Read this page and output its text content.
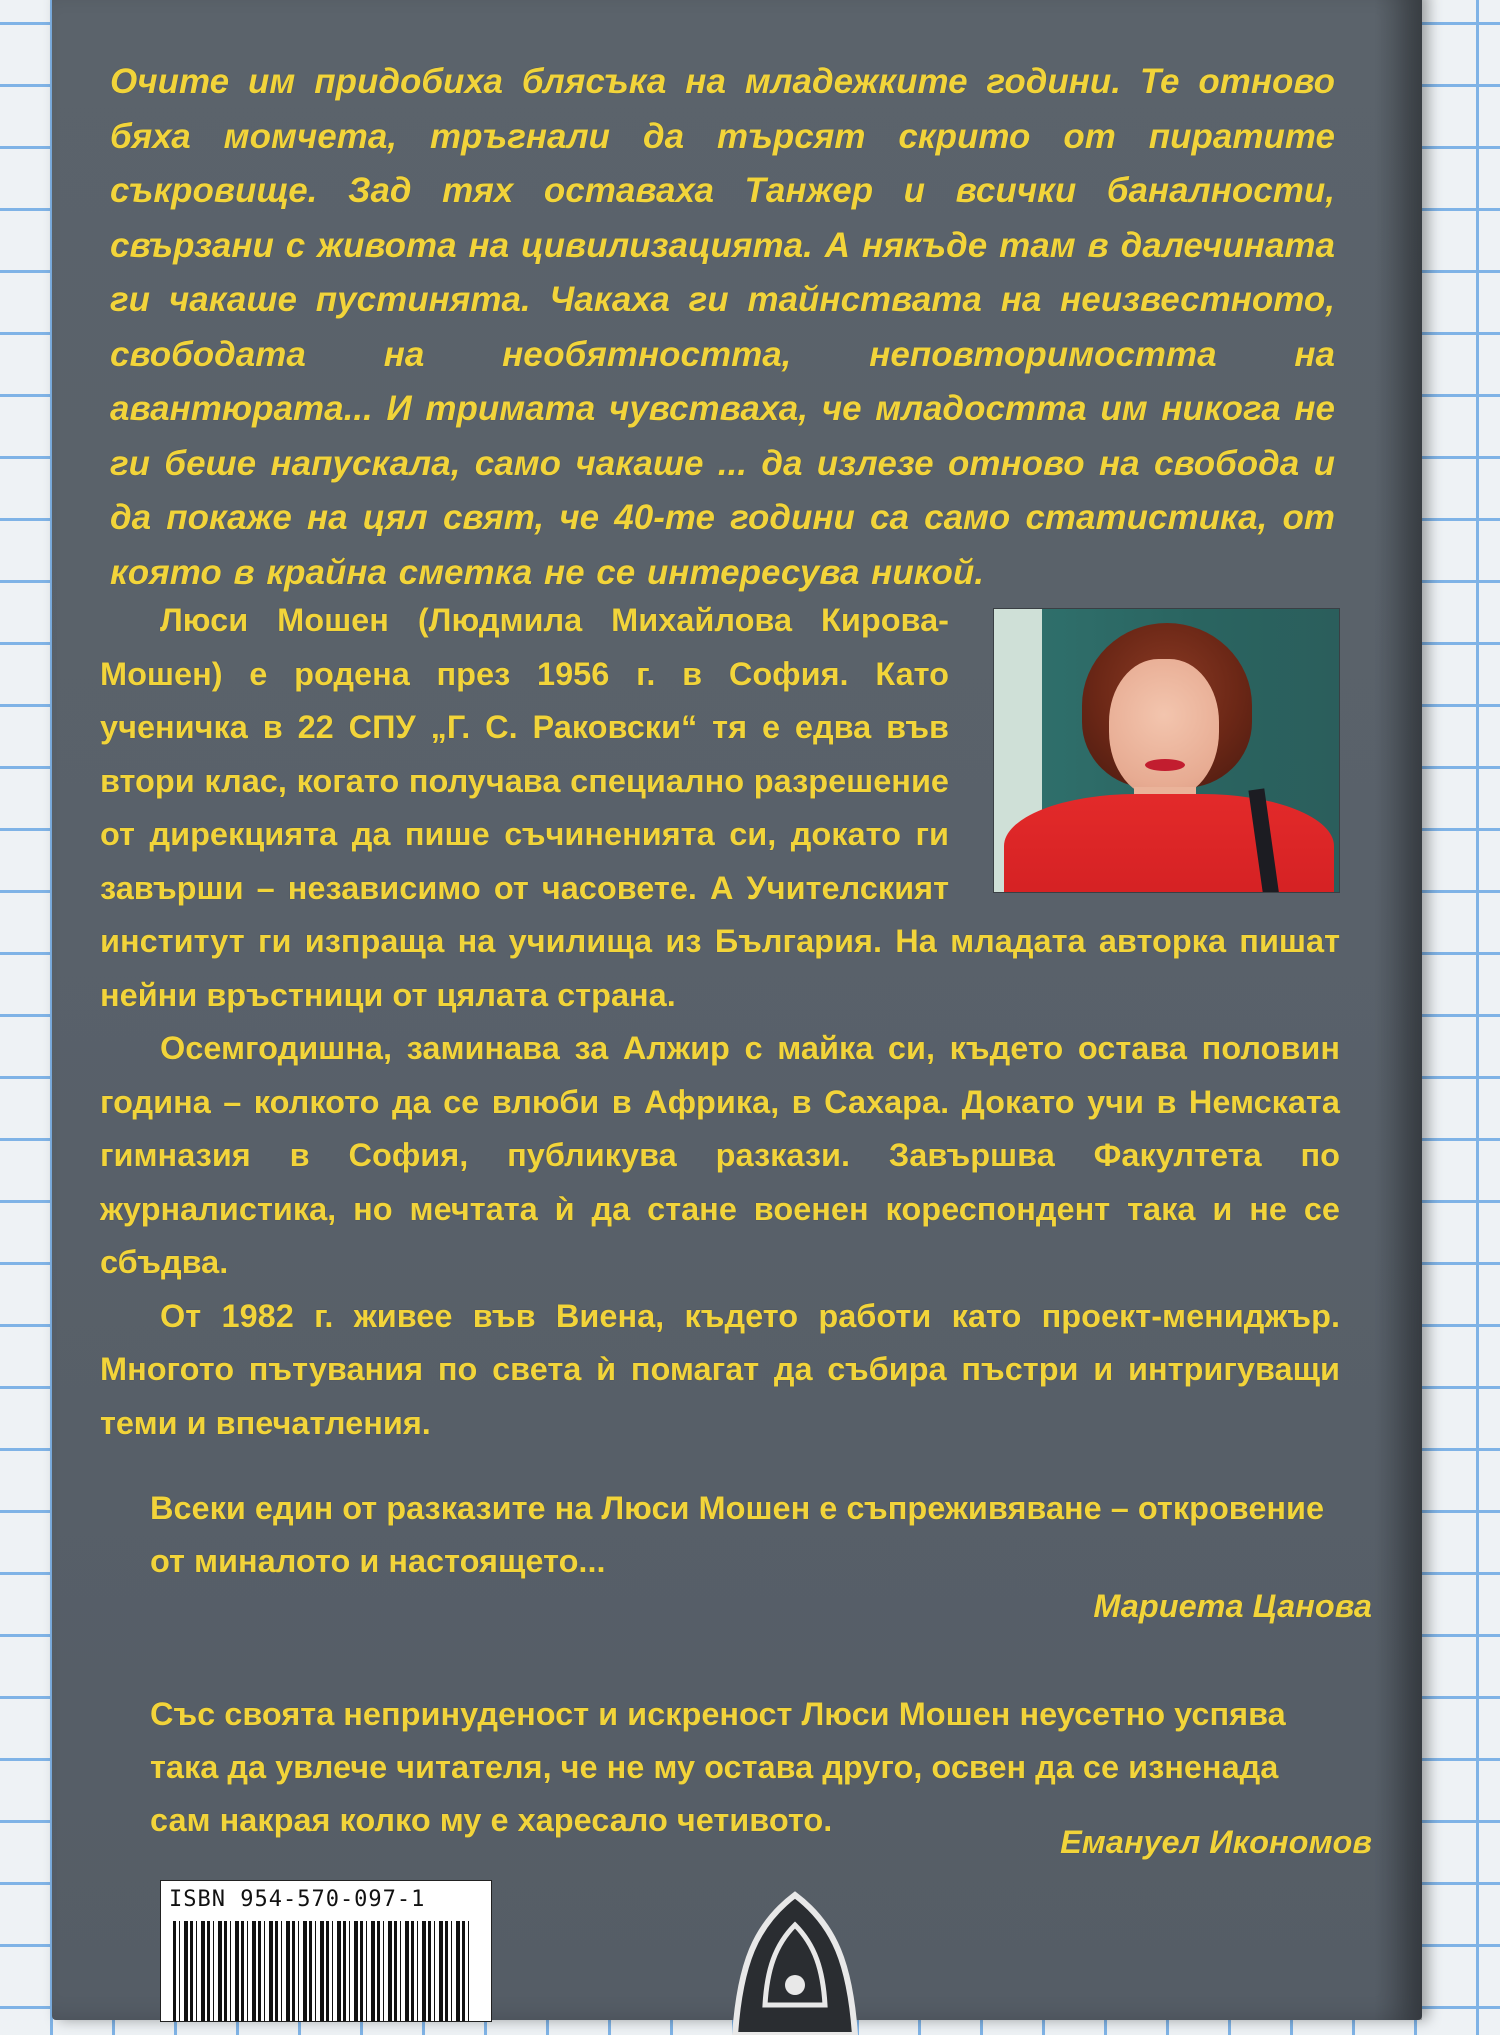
Очите им придобиха блясъка на младежките години. Те отново бяха момчета, тръгнали да търсят скрито от пиратите съкровище. Зад тях оставаха Танжер и всички баналности, свързани с живота на цивилизацията. А някъде там в далечината ги чакаше пустинята. Чакаха ги тайнствата на неизвестното, свободата на необятността, неповторимостта на авантюрата... И тримата чувстваха, че младостта им никога не ги беше напускала, само чакаше ... да излезе отново на свобода и да покаже на цял свят, че 40-те години са само статистика, от която в крайна сметка не се интересува никой.

Люси Мошен (Людмила Михайлова Кирова-Мошен) е родена през 1956 г. в София. Като ученичка в 22 СПУ „Г. С. Раковски“ тя е едва във втори клас, когато получава специално разрешение от дирекцията да пише съчиненията си, докато ги завърши – независимо от часовете. А Учителският институт ги изпраща на училища из България. На младата авторка пишат нейни връстници от цялата страна.

Осемгодишна, заминава за Алжир с майка си, където остава половин година – колкото да се влюби в Африка, в Сахара. Докато учи в Немската гимназия в София, публикува разкази. Завършва Факултета по журналистика, но мечтата ѝ да стане военен кореспондент така и не се сбъдва.

От 1982 г. живее във Виена, където работи като проект-мениджър. Многото пътувания по света ѝ помагат да събира пъстри и интригуващи теми и впечатления.

Всеки един от разказите на Люси Мошен е съпреживяване – откровение от миналото и настоящето...
Мариета Цанова
Със своята непринуденост и искреност Люси Мошен неусетно успява така да увлече читателя, че не му остава друго, освен да се изненада сам накрая колко му е харесало четивото.
Емануел Икономов
ISBN 954-570-097-1
